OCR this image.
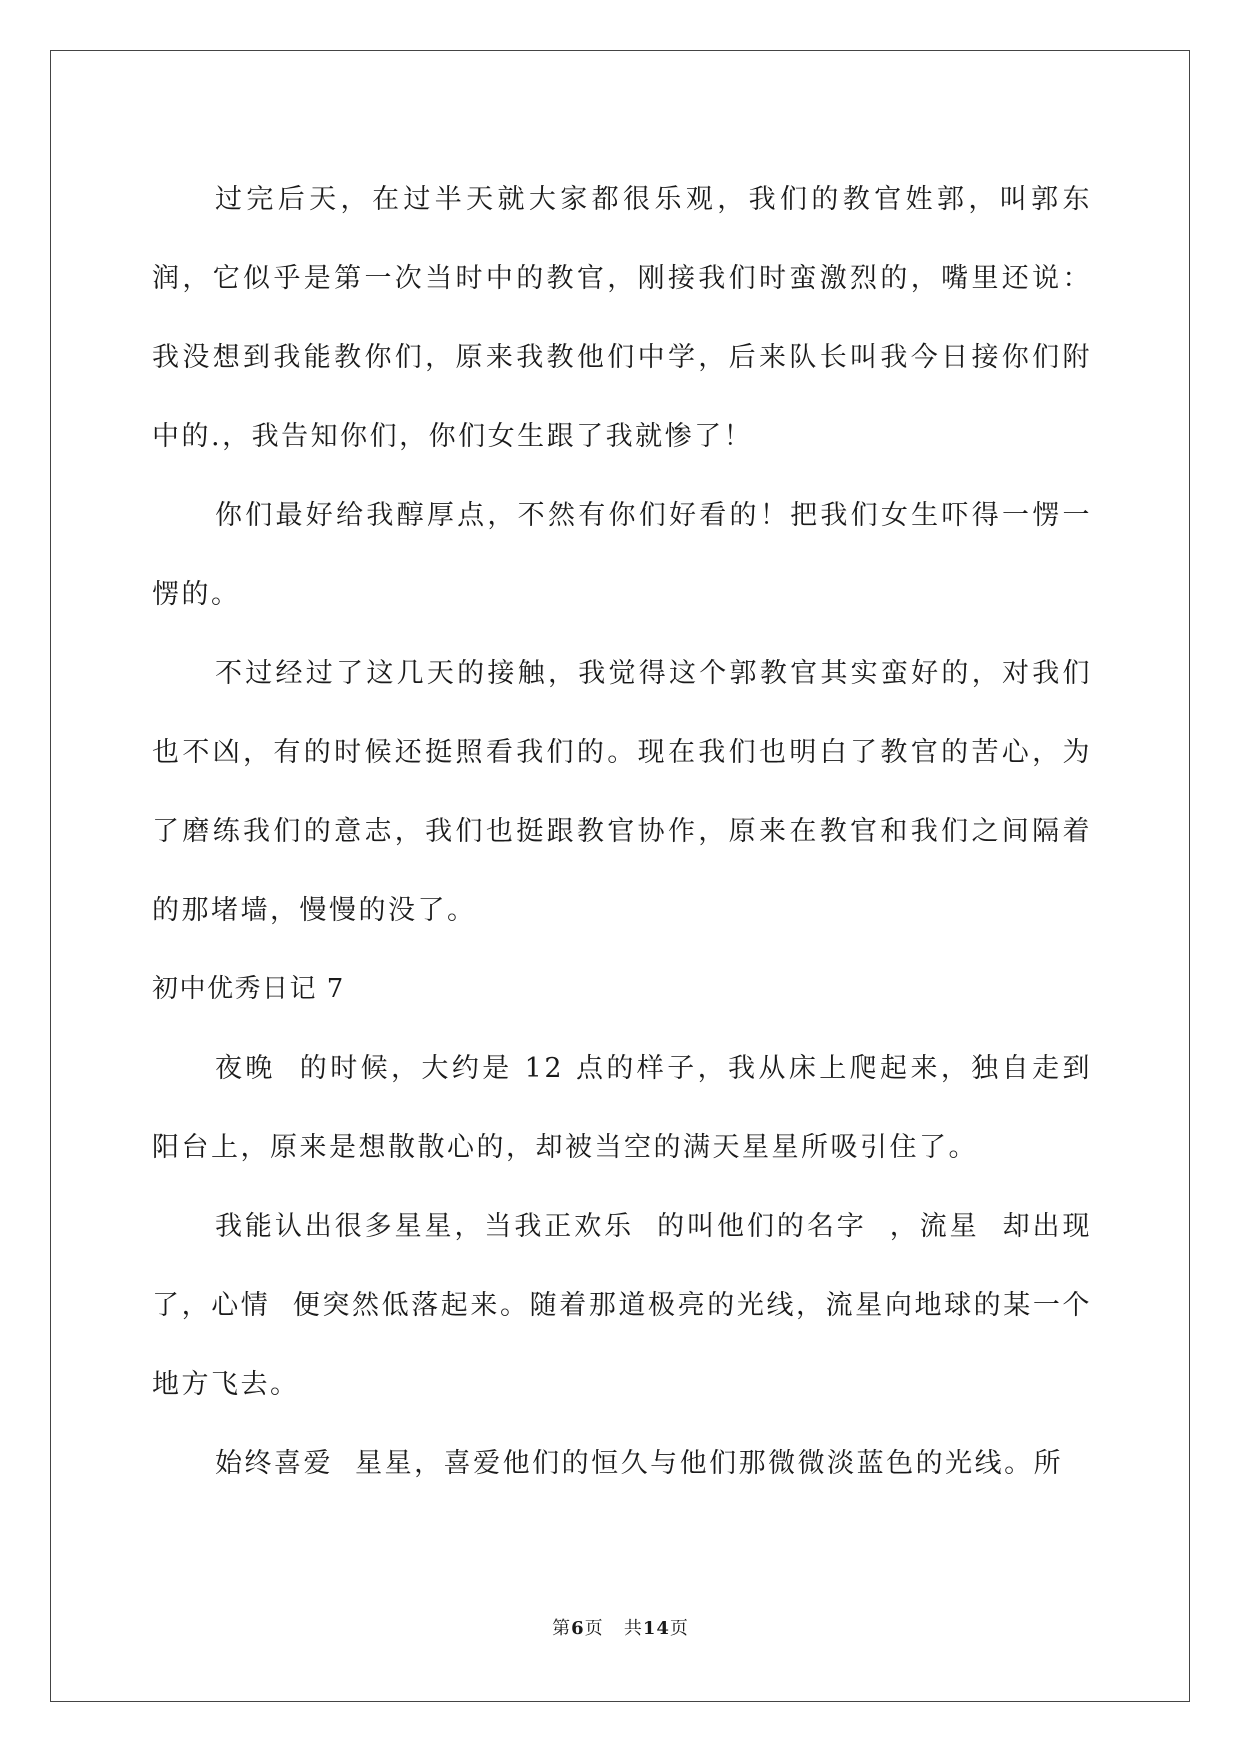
过完后天，在过半天就大家都很乐观，我们的教官姓郭，叫郭东润，它似乎是第一次当时中的教官，刚接我们时蛮激烈的，嘴里还说：我没想到我能教你们，原来我教他们中学，后来队长叫我今日接你们附中的.，我告知你们，你们女生跟了我就惨了！

你们最好给我醇厚点，不然有你们好看的！把我们女生吓得一愣一愣的。

不过经过了这几天的接触，我觉得这个郭教官其实蛮好的，对我们也不凶，有的时候还挺照看我们的。现在我们也明白了教官的苦心，为了磨练我们的意志，我们也挺跟教官协作，原来在教官和我们之间隔着的那堵墙，慢慢的没了。

初中优秀日记 7

夜晚  的时候，大约是 12 点的样子，我从床上爬起来，独自走到阳台上，原来是想散散心的，却被当空的满天星星所吸引住了。

我能认出很多星星，当我正欢乐  的叫他们的名字  ，流星  却出现了，心情  便突然低落起来。随着那道极亮的光线，流星向地球的某一个地方飞去。

始终喜爱  星星，喜爱他们的恒久与他们那微微淡蓝色的光线。所

第6页 共14页
